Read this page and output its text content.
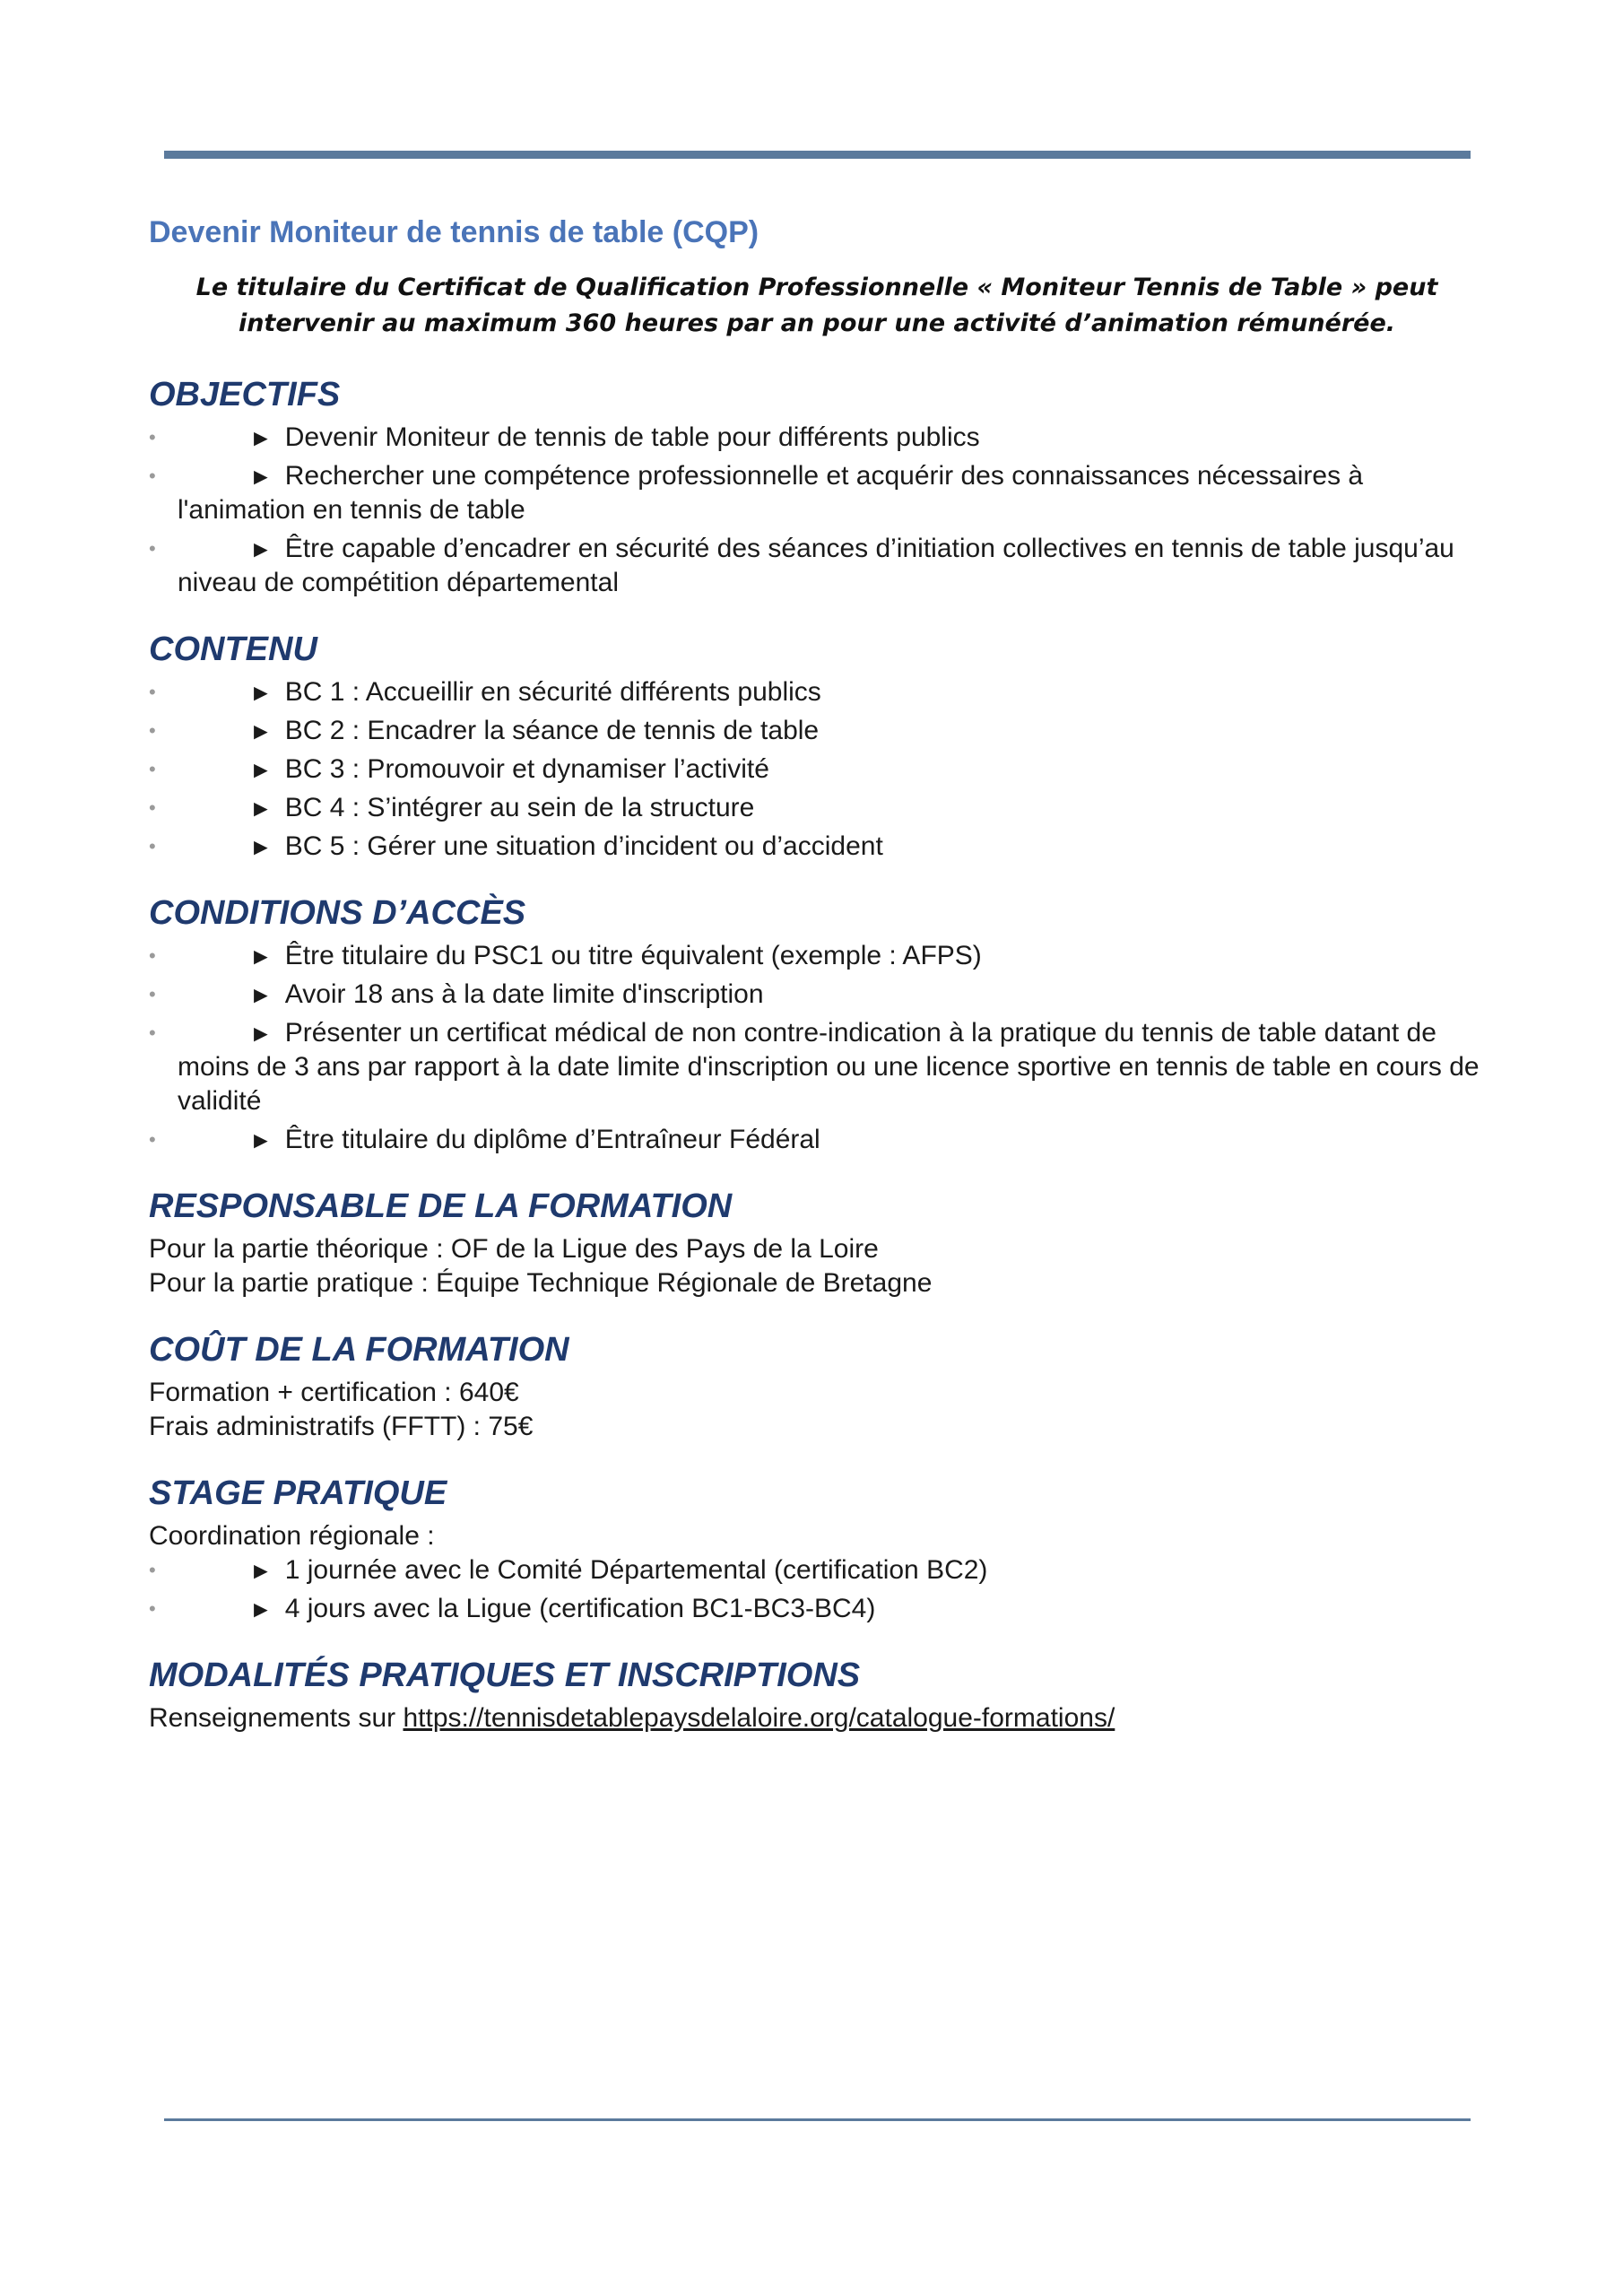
Devenir Moniteur de tennis de table (CQP)
Le titulaire du Certificat de Qualification Professionnelle « Moniteur Tennis de Table » peut intervenir au maximum 360 heures par an pour une activité d’animation rémunérée.
OBJECTIFS
•	► Devenir Moniteur de tennis de table pour différents publics
•	► Rechercher une compétence professionnelle et acquérir des connaissances nécessaires à l'animation en tennis de table
•	► Être capable d’encadrer en sécurité des séances d’initiation collectives en tennis de table jusqu’au niveau de compétition départemental
CONTENU
•	► BC 1 : Accueillir en sécurité différents publics
•	► BC 2 : Encadrer la séance de tennis de table
•	► BC 3 : Promouvoir et dynamiser l’activité
•	► BC 4 : S’intégrer au sein de la structure
•	► BC 5 : Gérer une situation d’incident ou d’accident
CONDITIONS D’ACCÈS
•	► Être titulaire du PSC1 ou titre équivalent (exemple : AFPS)
•	► Avoir 18 ans à la date limite d'inscription
•	► Présenter un certificat médical de non contre-indication à la pratique du tennis de table datant de moins de 3 ans par rapport à la date limite d'inscription ou une licence sportive en tennis de table en cours de validité
•	► Être titulaire du diplôme d’Entraîneur Fédéral
RESPONSABLE DE LA FORMATION

Pour la partie théorique : OF de la Ligue des Pays de la Loire

Pour la partie pratique : Équipe Technique Régionale de Bretagne

COÛT DE LA FORMATION

Formation + certification : 640€

Frais administratifs (FFTT) : 75€

STAGE PRATIQUE

Coordination régionale :

•	► 1 journée avec le Comité Départemental (certification BC2)
•	► 4 jours avec la Ligue (certification BC1-BC3-BC4)
MODALITÉS PRATIQUES ET INSCRIPTIONS

Renseignements sur https://tennisdetablepaysdelaloire.org/catalogue-formations/
